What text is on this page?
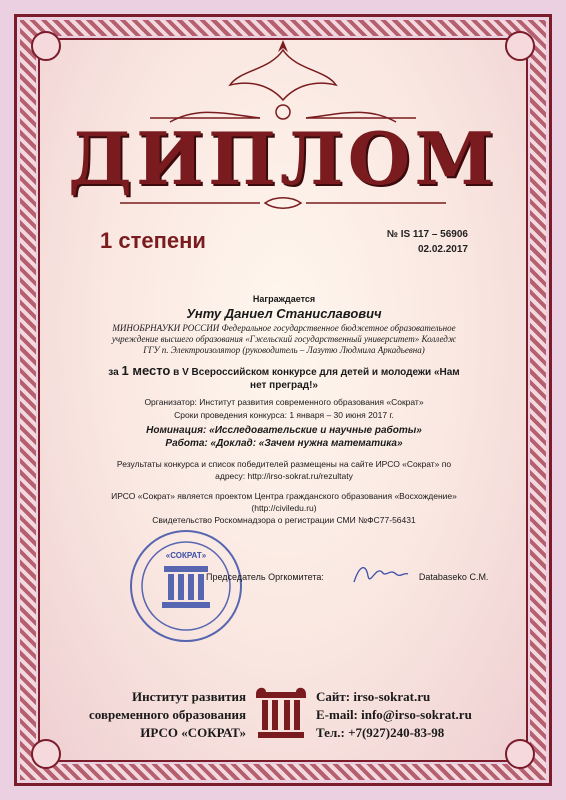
ДИПЛОМ
1 степени	№ IS 117 – 56906
02.02.2017
Награждается
Унту Даниел Станиславович
МИНОБРНАУКИ РОССИИ Федеральное государственное бюджетное образовательное учреждение высшего образования «Гжельский государственный университет» Колледж ГГУ п. Электроизолятор (руководитель – Лазутю Людмила Аркадьевна)
за 1 место в V Всероссийском конкурсе для детей и молодежи «Нам нет преград!»
Организатор: Институт развития современного образования «Сократ»
Сроки проведения конкурса: 1 января – 30 июня 2017 г.
Номинация: «Исследовательские и научные работы»
Работа: «Доклад: «Зачем нужна математика»
Результаты конкурса и список победителей размещены на сайте ИРСО «Сократ» по адресу: http://irso-sokrat.ru/rezultaty
ИРСО «Сократ» является проектом Центра гражданского образования «Восхождение» (http://civiledu.ru)
Свидетельство Роскомнадзора о регистрации СМИ №ФС77-56431
«СОКРАТ»
Председатель Оргкомитета:	Databaseko С.М.
Институт развития
современного образования
ИРСО «СОКРАТ»
Сайт: irso-sokrat.ru
E-mail: info@irso-sokrat.ru
Тел.: +7(927)240-83-98
